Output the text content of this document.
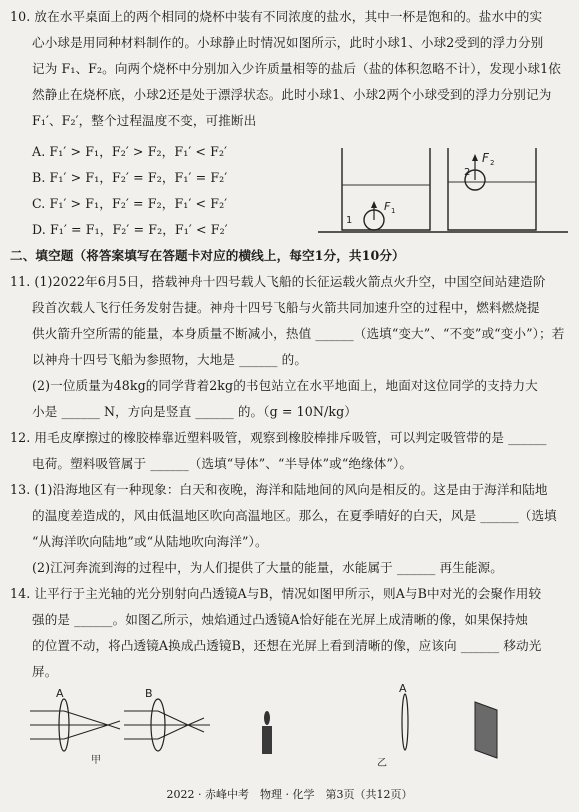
10. 放在水平桌面上的两个相同的烧杯中装有不同浓度的盐水，其中一杯是饱和的。盐水中的实
心小球是用同种材料制作的。小球静止时情况如图所示，此时小球1、小球2受到的浮力分别
记为 F₁、F₂。向两个烧杯中分别加入少许质量相等的盐后（盐的体积忽略不计），发现小球1依
然静止在烧杯底，小球2还是处于漂浮状态。此时小球1、小球2两个小球受到的浮力分别记为
F₁′、F₂′，整个过程温度不变，可推断出
A. F₁′ > F₁，F₂′ > F₂，F₁′ < F₂′
B. F₁′ > F₁，F₂′ = F₂，F₁′ = F₂′
C. F₁′ > F₁，F₂′ = F₂，F₁′ < F₂′
D. F₁′ = F₁，F₂′ = F₂，F₁′ < F₂′
1
F 1
2
F 2
二、填空题（将答案填写在答题卡对应的横线上，每空1分，共10分）
11. (1)2022年6月5日，搭载神舟十四号载人飞船的长征运载火箭点火升空，中国空间站建造阶
段首次载人飞行任务发射告捷。神舟十四号飞船与火箭共同加速升空的过程中，燃料燃烧提
供火箭升空所需的能量，本身质量不断减小，热值 ______（选填“变大”、“不变”或“变小”）；若
以神舟十四号飞船为参照物，大地是 ______ 的。
(2)一位质量为48kg的同学背着2kg的书包站立在水平地面上，地面对这位同学的支持力大
小是 ______ N，方向是竖直 ______ 的。（g = 10N/kg）
12. 用毛皮摩擦过的橡胶棒靠近塑料吸管，观察到橡胶棒排斥吸管，可以判定吸管带的是 ______
电荷。塑料吸管属于 ______（选填“导体”、“半导体”或“绝缘体”）。
13. (1)沿海地区有一种现象：白天和夜晚，海洋和陆地间的风向是相反的。这是由于海洋和陆地
的温度差造成的，风由低温地区吹向高温地区。那么，在夏季晴好的白天，风是 ______（选填
“从海洋吹向陆地”或“从陆地吹向海洋”）。
(2)江河奔流到海的过程中，为人们提供了大量的能量，水能属于 ______ 再生能源。
14. 让平行于主光轴的光分别射向凸透镜A与B，情况如图甲所示，则A与B中对光的会聚作用较
强的是 ______。如图乙所示，烛焰通过凸透镜A恰好能在光屏上成清晰的像，如果保持烛
的位置不动，将凸透镜A换成凸透镜B，还想在光屏上看到清晰的像，应该向 ______ 移动光
屏。
A	B
甲
A
乙
2022 · 赤峰中考　物理 · 化学　第3页（共12页）
